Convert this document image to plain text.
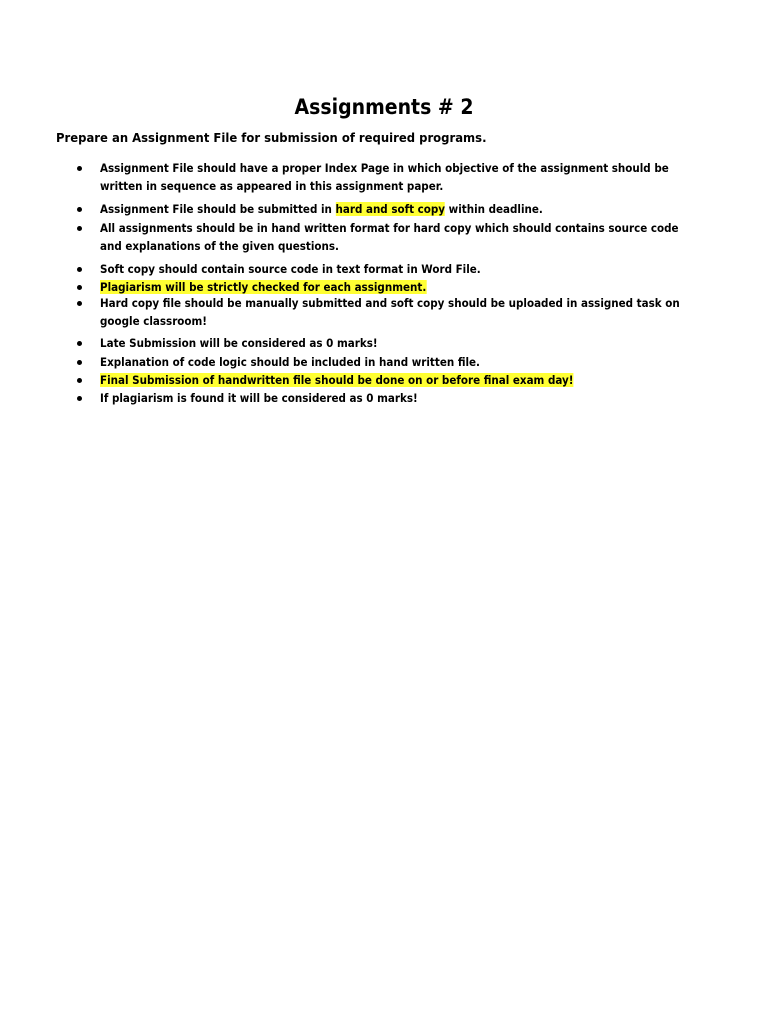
Assignments # 2
Prepare an Assignment File for submission of required programs.
Assignment File should have a proper Index Page in which objective of the assignment should be
written in sequence as appeared in this assignment paper.
Assignment File should be submitted in hard and soft copy within deadline.
All assignments should be in hand written format for hard copy which should contains source code
and explanations of the given questions.
Soft copy should contain source code in text format in Word File.
Plagiarism will be strictly checked for each assignment.
Hard copy file should be manually submitted and soft copy should be uploaded in assigned task on
google classroom!
Late Submission will be considered as 0 marks!
Explanation of code logic should be included in hand written file.
Final Submission of handwritten file should be done on or before final exam day!
If plagiarism is found it will be considered as 0 marks!
